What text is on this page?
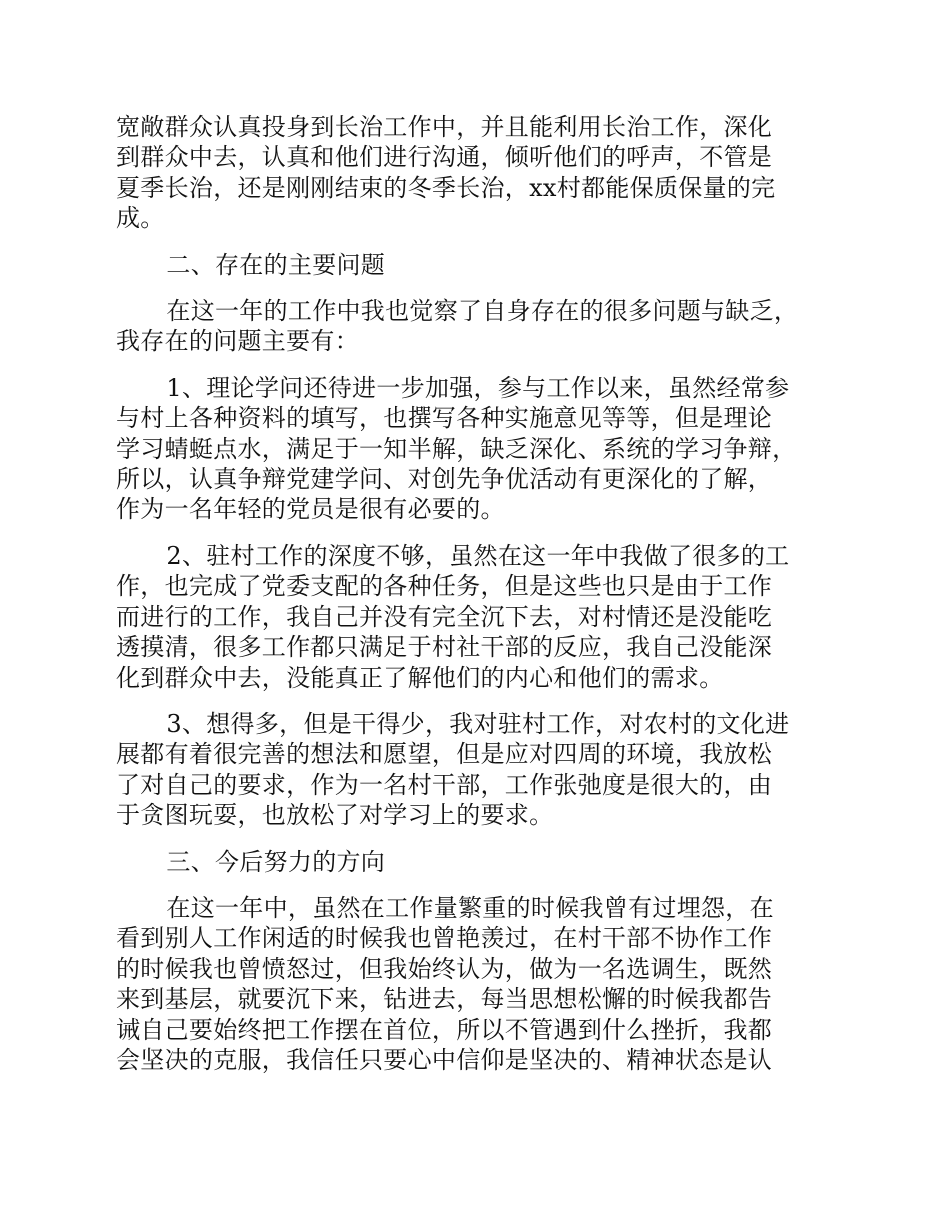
宽敞群众认真投身到长治工作中，并且能利用长治工作，深化
到群众中去，认真和他们进行沟通，倾听他们的呼声，不管是
夏季长治，还是刚刚结束的冬季长治，xx村都能保质保量的完
成。

二、存在的主要问题

在这一年的工作中我也觉察了自身存在的很多问题与缺乏，
我存在的问题主要有：

1、理论学问还待进一步加强，参与工作以来，虽然经常参
与村上各种资料的填写，也撰写各种实施意见等等，但是理论
学习蜻蜓点水，满足于一知半解，缺乏深化、系统的学习争辩，
所以，认真争辩党建学问、对创先争优活动有更深化的了解，
作为一名年轻的党员是很有必要的。

2、驻村工作的深度不够，虽然在这一年中我做了很多的工
作，也完成了党委支配的各种任务，但是这些也只是由于工作
而进行的工作，我自己并没有完全沉下去，对村情还是没能吃
透摸清，很多工作都只满足于村社干部的反应，我自己没能深
化到群众中去，没能真正了解他们的内心和他们的需求。

3、想得多，但是干得少，我对驻村工作，对农村的文化进
展都有着很完善的想法和愿望，但是应对四周的环境，我放松
了对自己的要求，作为一名村干部，工作张弛度是很大的，由
于贪图玩耍，也放松了对学习上的要求。

三、今后努力的方向

在这一年中，虽然在工作量繁重的时候我曾有过埋怨，在
看到别人工作闲适的时候我也曾艳羡过，在村干部不协作工作
的时候我也曾愤怒过，但我始终认为，做为一名选调生，既然
来到基层，就要沉下来，钻进去，每当思想松懈的时候我都告
诫自己要始终把工作摆在首位，所以不管遇到什么挫折，我都
会坚决的克服，我信任只要心中信仰是坚决的、精神状态是认
